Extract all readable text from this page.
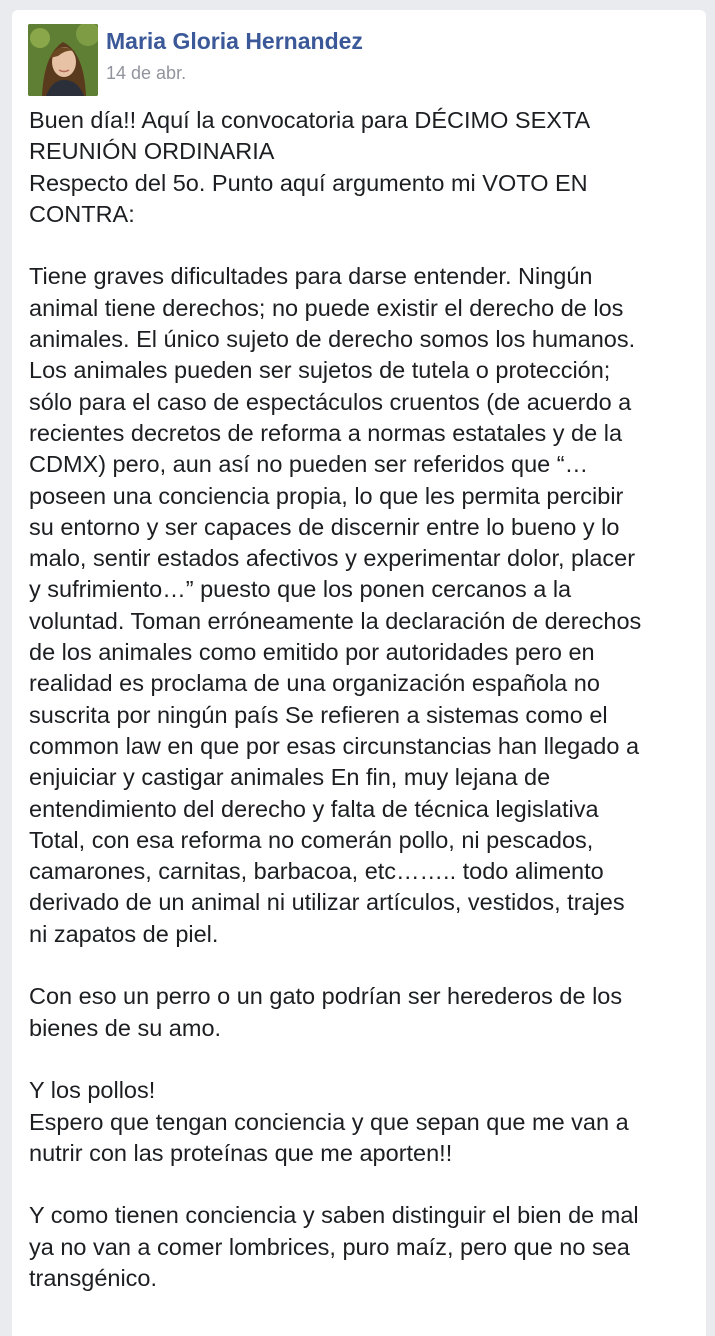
Maria Gloria Hernandez
14 de abr.

Buen día!! Aquí la convocatoria para DÉCIMO SEXTA
REUNIÓN ORDINARIA
Respecto del 5o. Punto aquí argumento mi VOTO EN
CONTRA:

Tiene graves dificultades para darse entender. Ningún
animal tiene derechos; no puede existir el derecho de los
animales. El único sujeto de derecho somos los humanos.
Los animales pueden ser sujetos de tutela o protección;
sólo para el caso de espectáculos cruentos (de acuerdo a
recientes decretos de reforma a normas estatales y de la
CDMX) pero, aun así no pueden ser referidos que “…
poseen una conciencia propia, lo que les permita percibir
su entorno y ser capaces de discernir entre lo bueno y lo
malo, sentir estados afectivos y experimentar dolor, placer
y sufrimiento…” puesto que los ponen cercanos a la
voluntad. Toman erróneamente la declaración de derechos
de los animales como emitido por autoridades pero en
realidad es proclama de una organización española no
suscrita por ningún país Se refieren a sistemas como el
common law en que por esas circunstancias han llegado a
enjuiciar y castigar animales En fin, muy lejana de
entendimiento del derecho y falta de técnica legislativa
Total, con esa reforma no comerán pollo, ni pescados,
camarones, carnitas, barbacoa, etc…….. todo alimento
derivado de un animal ni utilizar artículos, vestidos, trajes
ni zapatos de piel.

Con eso un perro o un gato podrían ser herederos de los
bienes de su amo.

Y los pollos!
Espero que tengan conciencia y que sepan que me van a
nutrir con las proteínas que me aporten!!

Y como tienen conciencia y saben distinguir el bien de mal
ya no van a comer lombrices, puro maíz, pero que no sea
transgénico.
